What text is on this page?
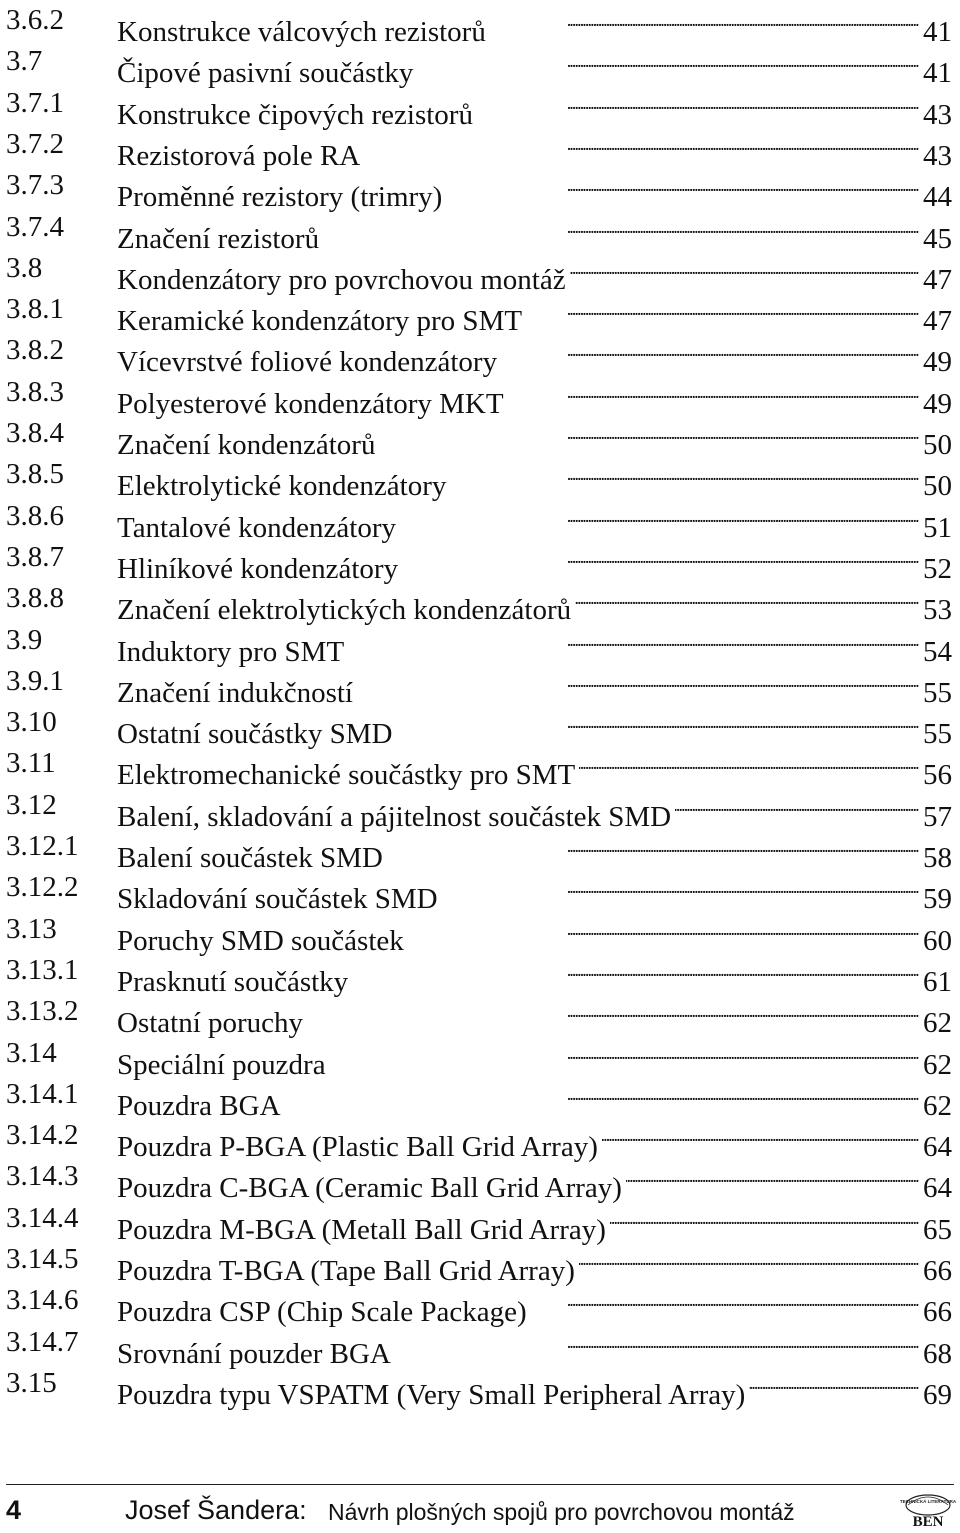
3.6.2 Konstrukce válcových rezistorů . . .	41
3.7	Čipové pasivní součástky . . .	41
3.7.1 Konstrukce čipových rezistorů . . .	43
3.7.2 Rezistorová pole RA . . .	43
3.7.3 Proměnné rezistory (trimry) . . .	44
3.7.4 Značení rezistorů . . .	45
3.8	Kondenzátory pro povrchovou montáž . . .	47
3.8.1 Keramické kondenzátory pro SMT . . .	47
3.8.2 Vícevrstvé foliové kondenzátory . . .	49
3.8.3 Polyesterové kondenzátory MKT . . .	49
3.8.4 Značení kondenzátorů . . .	50
3.8.5 Elektrolytické kondenzátory . . .	50
3.8.6 Tantalové kondenzátory . . .	51
3.8.7 Hliníkové kondenzátory . . .	52
3.8.8 Značení elektrolytických kondenzátorů . . .	53
3.9	Induktory pro SMT . . .	54
3.9.1 Značení indukčností . . .	55
3.10 Ostatní součástky SMD . . .	55
3.11 Elektromechanické součástky pro SMT . . .	56
3.12 Balení, skladování a pájitelnost součástek SMD . . .	57
3.12.1 Balení součástek SMD . . .	58
3.12.2 Skladování součástek SMD . . .	59
3.13 Poruchy SMD součástek . . .	60
3.13.1 Prasknutí součástky . . .	61
3.13.2 Ostatní poruchy . . .	62
3.14 Speciální pouzdra . . .	62
3.14.1 Pouzdra BGA . . .	62
3.14.2 Pouzdra P-BGA (Plastic Ball Grid Array) . . .	64
3.14.3 Pouzdra C-BGA (Ceramic Ball Grid Array) . . .	64
3.14.4 Pouzdra M-BGA (Metall Ball Grid Array) . . .	65
3.14.5 Pouzdra T-BGA (Tape Ball Grid Array) . . .	66
3.14.6 Pouzdra CSP (Chip Scale Package) . . .	66
3.14.7 Srovnání pouzder BGA . . .	68
3.15 Pouzdra typu VSPATM (Very Small Peripheral Array) . . .	69
4	Josef Šandera: Návrh plošných spojů pro povrchovou montáž	TECHNICKÁ LITERATURA
BEN
